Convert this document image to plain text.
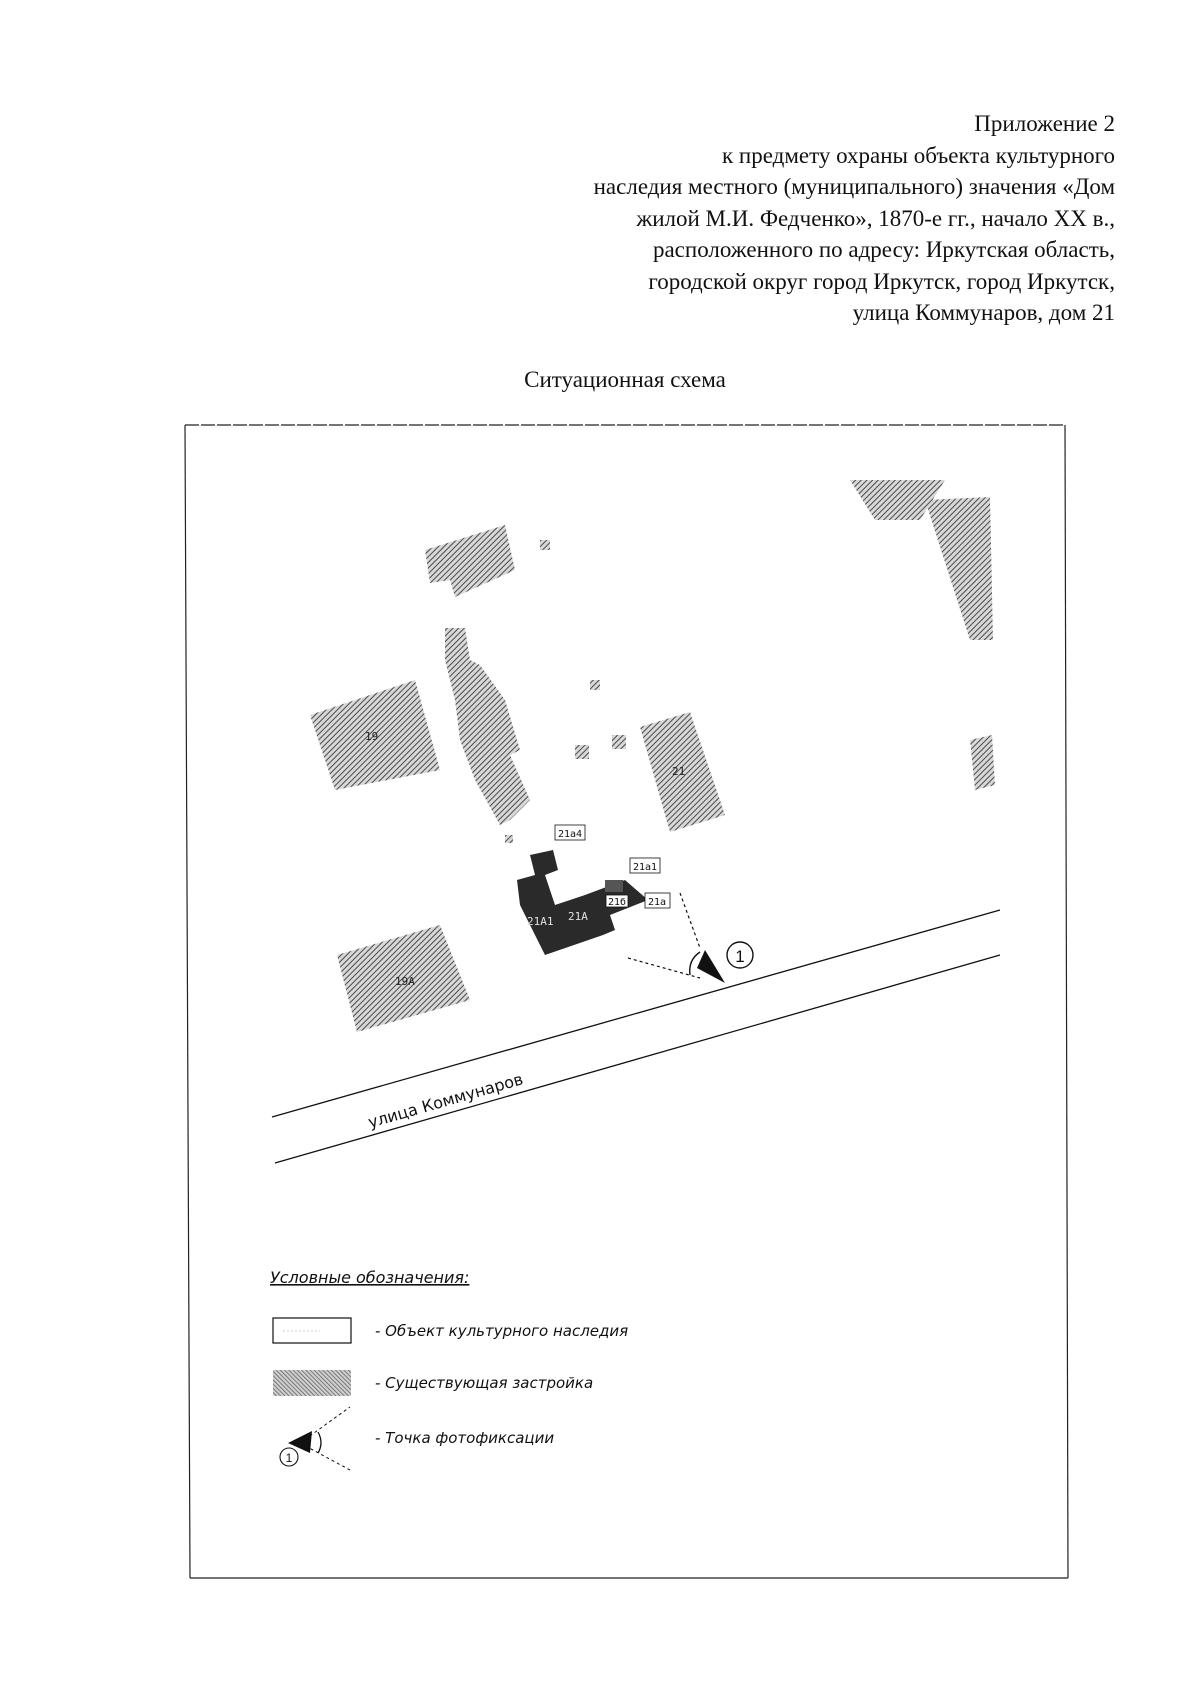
Приложение 2
к предмету охраны объекта культурного
наследия местного (муниципального) значения «Дом
жилой М.И. Федченко», 1870-е гг., начало XX в.,
расположенного по адресу: Иркутская область,
городской округ город Иркутск, город Иркутск,
улица Коммунаров, дом 21
Ситуационная схема
19
21
19А
21А1 21А
21а4
21а1
21а
21б
1
улица Коммунаров
Условные обозначения:
- Объект культурного наследия
- Существующая застройка
1
- Точка фотофиксации
